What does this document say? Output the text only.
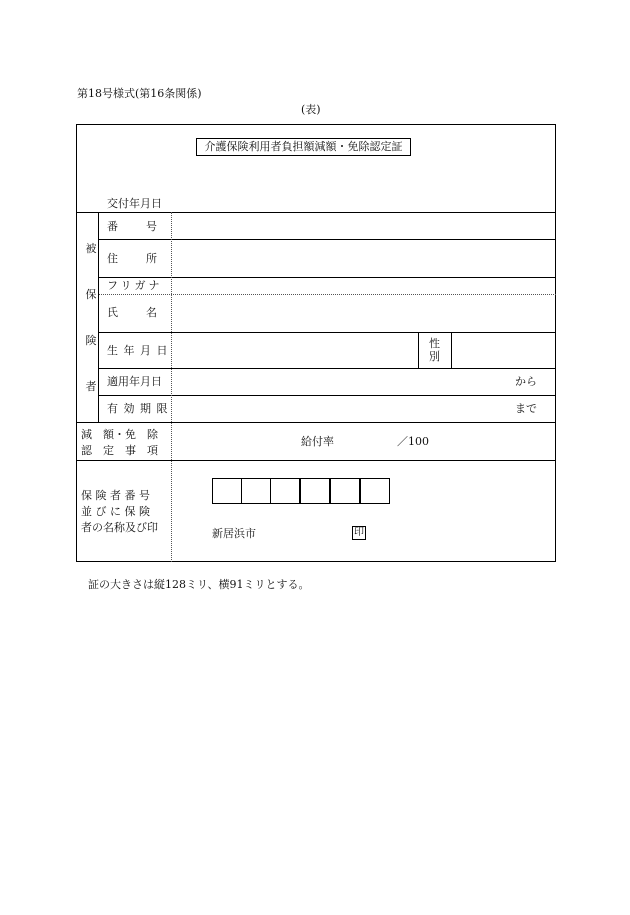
第18号様式(第16条関係)
(表)
介護保険利用者負担額減額・免除認定証
交付年月日
被
保
険
者
番　　号
住　　所
フリガナ
氏　　名
生 年 月 日
性
別
適用年月日	から
有 効 期 限	まで
減　額・免　除
認　定　事　項
給付率	／100
保 険 者 番 号
並 び に 保 険
者の名称及び印	新居浜市	印
証の大きさは縦128ミリ、横91ミリとする。
